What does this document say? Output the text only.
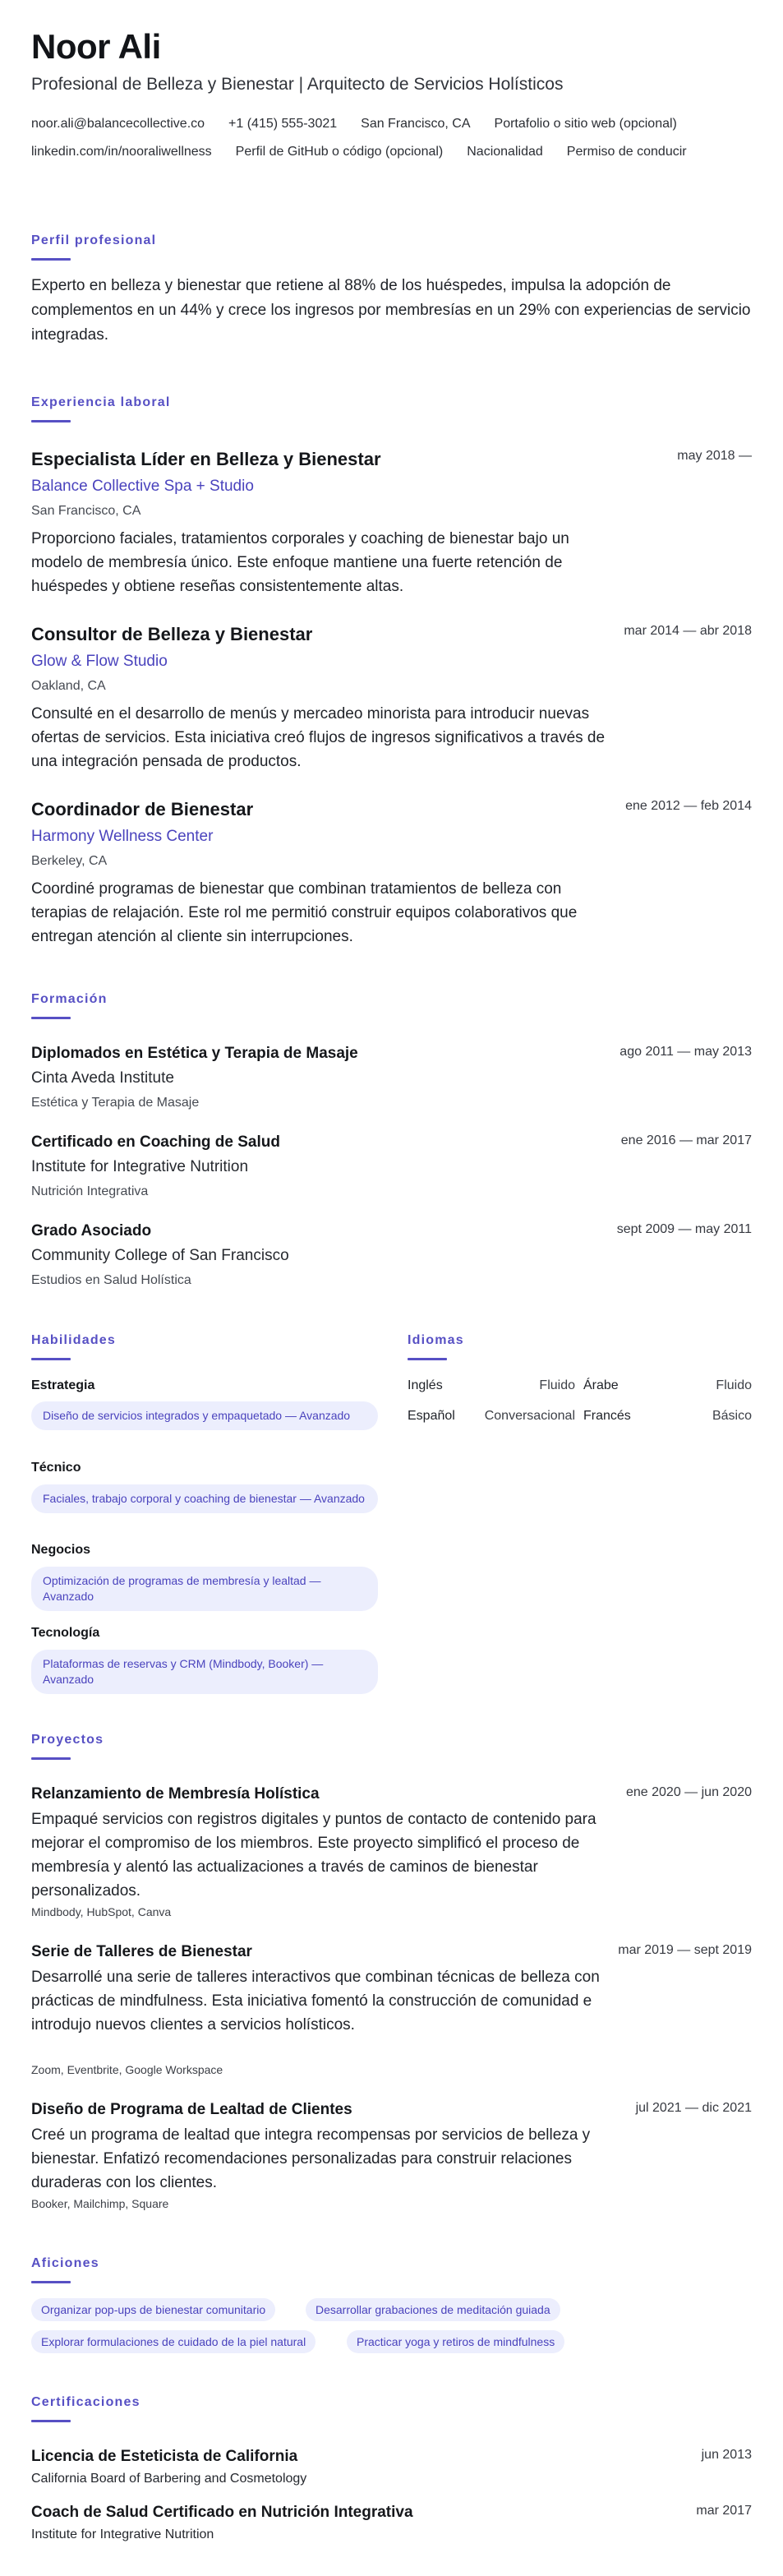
Noor Ali
Profesional de Belleza y Bienestar | Arquitecto de Servicios Holísticos
noor.ali@balancecollective.co +1 (415) 555-3021 San Francisco, CA Portafolio o sitio web (opcional)
linkedin.com/in/nooraliwellness Perfil de GitHub o código (opcional) Nacionalidad Permiso de conducir
Perfil profesional
Experto en belleza y bienestar que retiene al 88% de los huéspedes, impulsa la adopción de complementos en un 44% y crece los ingresos por membresías en un 29% con experiencias de servicio integradas.
Experiencia laboral
Especialista Líder en Belleza y Bienestar	may 2018 —
Balance Collective Spa + Studio
San Francisco, CA
Proporciono faciales, tratamientos corporales y coaching de bienestar bajo un modelo de membresía único. Este enfoque mantiene una fuerte retención de huéspedes y obtiene reseñas consistentemente altas.
Consultor de Belleza y Bienestar	mar 2014 — abr 2018
Glow & Flow Studio
Oakland, CA
Consulté en el desarrollo de menús y mercadeo minorista para introducir nuevas ofertas de servicios. Esta iniciativa creó flujos de ingresos significativos a través de una integración pensada de productos.
Coordinador de Bienestar	ene 2012 — feb 2014
Harmony Wellness Center
Berkeley, CA
Coordiné programas de bienestar que combinan tratamientos de belleza con terapias de relajación. Este rol me permitió construir equipos colaborativos que entregan atención al cliente sin interrupciones.
Formación
Diplomados en Estética y Terapia de Masaje	ago 2011 — may 2013
Cinta Aveda Institute
Estética y Terapia de Masaje
Certificado en Coaching de Salud	ene 2016 — mar 2017
Institute for Integrative Nutrition
Nutrición Integrativa
Grado Asociado	sept 2009 — may 2011
Community College of San Francisco
Estudios en Salud Holística
Habilidades
Estrategia
Diseño de servicios integrados y empaquetado — Avanzado
Técnico
Faciales, trabajo corporal y coaching de bienestar — Avanzado
Negocios
Optimización de programas de membresía y lealtad — Avanzado
Tecnología
Plataformas de reservas y CRM (Mindbody, Booker) — Avanzado
Idiomas
Inglés	Fluido Árabe	Fluido
Español	Conversacional Francés	Básico
Proyectos
Relanzamiento de Membresía Holística	ene 2020 — jun 2020
Empaqué servicios con registros digitales y puntos de contacto de contenido para mejorar el compromiso de los miembros. Este proyecto simplificó el proceso de membresía y alentó las actualizaciones a través de caminos de bienestar personalizados.
Mindbody, HubSpot, Canva
Serie de Talleres de Bienestar	mar 2019 — sept 2019
Desarrollé una serie de talleres interactivos que combinan técnicas de belleza con prácticas de mindfulness. Esta iniciativa fomentó la construcción de comunidad e introdujo nuevos clientes a servicios holísticos.
Zoom, Eventbrite, Google Workspace
Diseño de Programa de Lealtad de Clientes	jul 2021 — dic 2021
Creé un programa de lealtad que integra recompensas por servicios de belleza y bienestar. Enfatizó recomendaciones personalizadas para construir relaciones duraderas con los clientes.
Booker, Mailchimp, Square
Aficiones
Organizar pop-ups de bienestar comunitario	Desarrollar grabaciones de meditación guiada
Explorar formulaciones de cuidado de la piel natural	Practicar yoga y retiros de mindfulness
Certificaciones
Licencia de Esteticista de California	jun 2013
California Board of Barbering and Cosmetology
Coach de Salud Certificado en Nutrición Integrativa	mar 2017
Institute for Integrative Nutrition
